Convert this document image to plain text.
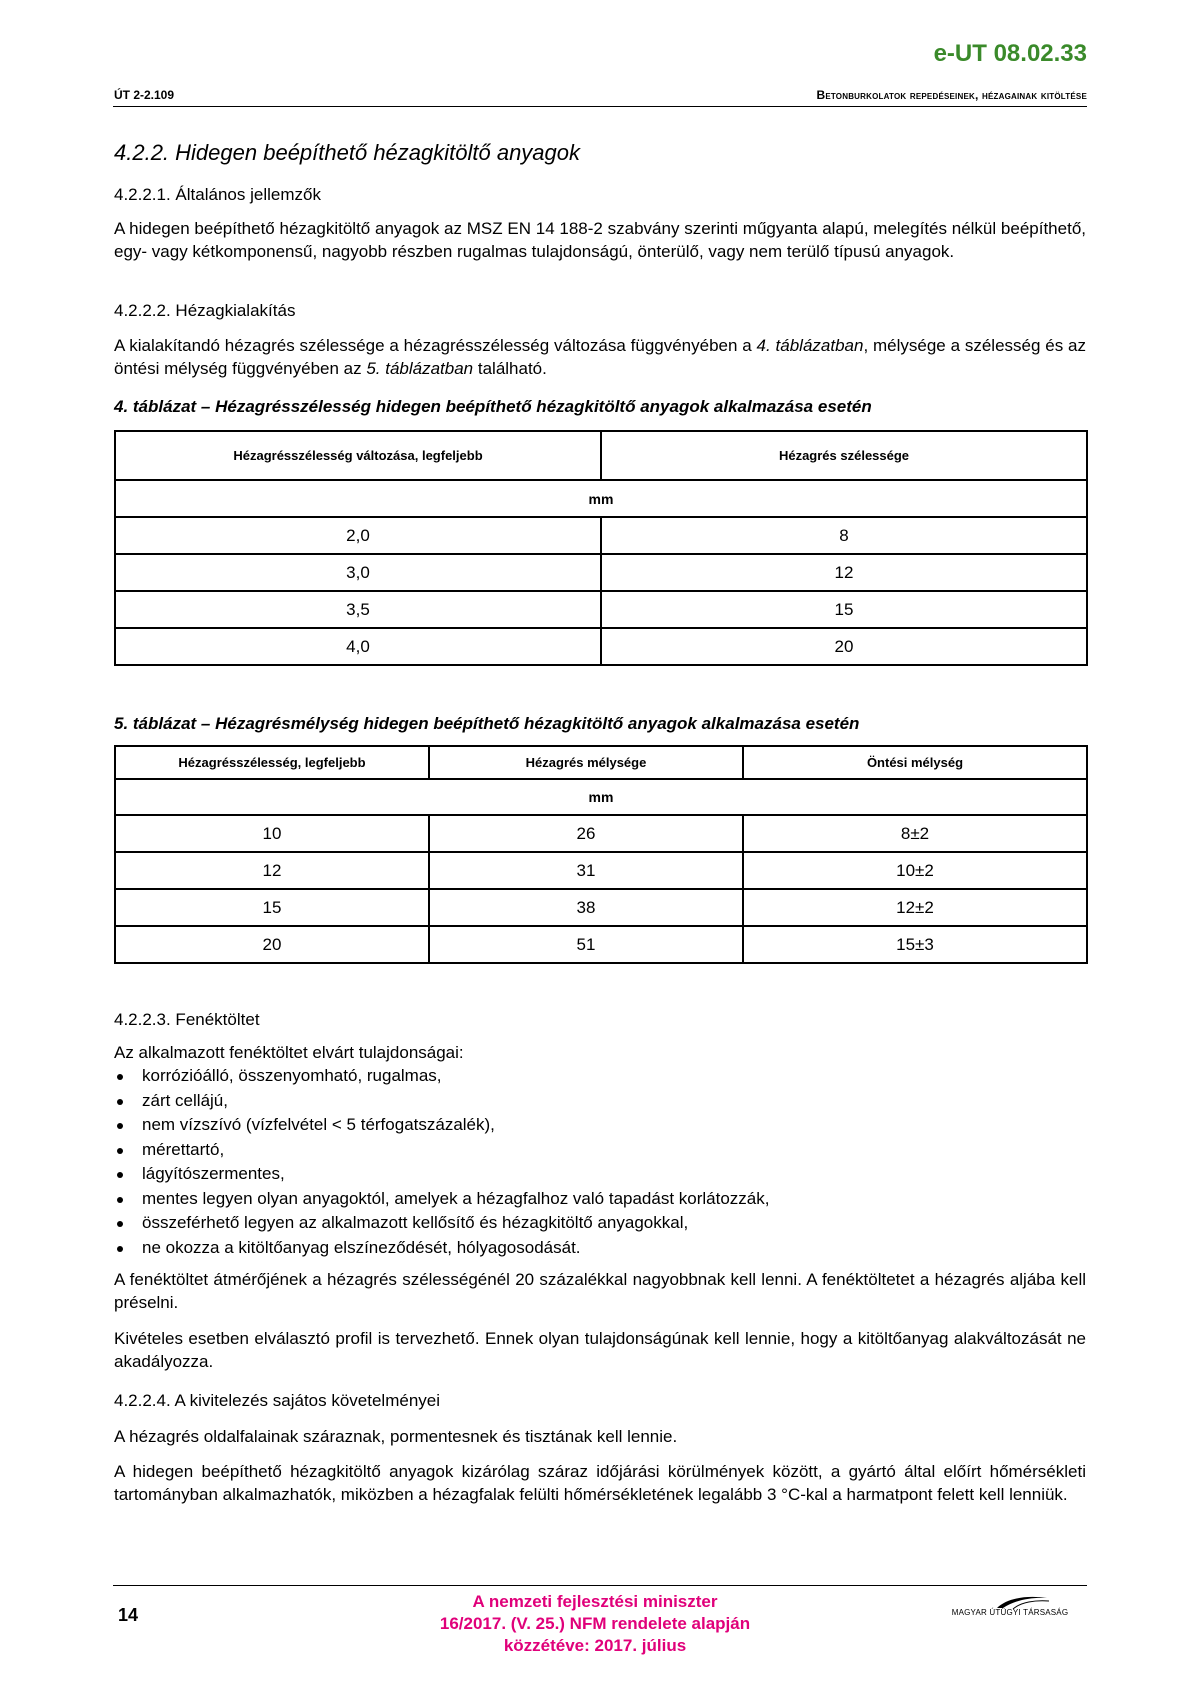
e-UT 08.02.33
ÚT 2-2.109	Betonburkolatok repedéseinek, hézagainak kitöltése
4.2.2. Hidegen beépíthető hézagkitöltő anyagok
4.2.2.1. Általános jellemzők
A hidegen beépíthető hézagkitöltő anyagok az MSZ EN 14 188-2 szabvány szerinti műgyanta alapú, melegítés nélkül beépíthető, egy- vagy kétkomponensű, nagyobb részben rugalmas tulajdonságú, önterülő, vagy nem terülő típusú anyagok.
4.2.2.2. Hézagkialakítás
A kialakítandó hézagrés szélessége a hézagrésszélesség változása függvényében a 4. táblázatban, mélysége a szélesség és az öntési mélység függvényében az 5. táblázatban található.
4. táblázat – Hézagrésszélesség hidegen beépíthető hézagkitöltő anyagok alkalmazása esetén
Hézagrésszélesség változása, legfeljebb	Hézagrés szélessége
mm	
2,0	8
3,0	12
3,5	15
4,0	20
5. táblázat – Hézagrésmélység hidegen beépíthető hézagkitöltő anyagok alkalmazása esetén
Hézagrésszélesség, legfeljebb	Hézagrés mélysége	Öntési mélység
mm		
10	26	8±2
12	31	10±2
15	38	12±2
20	51	15±3
4.2.2.3. Fenéktöltet
Az alkalmazott fenéktöltet elvárt tulajdonságai:
korrózióálló, összenyomható, rugalmas,
zárt cellájú,
nem vízszívó (vízfelvétel < 5 térfogatszázalék),
mérettartó,
lágyítószermentes,
mentes legyen olyan anyagoktól, amelyek a hézagfalhoz való tapadást korlátozzák,
összeférhető legyen az alkalmazott kellősítő és hézagkitöltő anyagokkal,
ne okozza a kitöltőanyag elszíneződését, hólyagosodását.
A fenéktöltet átmérőjének a hézagrés szélességénél 20 százalékkal nagyobbnak kell lenni. A fenéktöltetet a hézagrés aljába kell préselni.
Kivételes esetben elválasztó profil is tervezhető. Ennek olyan tulajdonságúnak kell lennie, hogy a kitöltőanyag alakváltozását ne akadályozza.
4.2.2.4. A kivitelezés sajátos követelményei
A hézagrés oldalfalainak száraznak, pormentesnek és tisztának kell lennie.
A hidegen beépíthető hézagkitöltő anyagok kizárólag száraz időjárási körülmények között, a gyártó által előírt hőmérsékleti tartományban alkalmazhatók, miközben a hézagfalak felülti hőmérsékletének legalább 3 °C-kal a harmatpont felett kell lenniük.
14
A nemzeti fejlesztési miniszter
16/2017. (V. 25.) NFM rendelete alapján
közzétéve: 2017. július
MAGYAR ÚTÜGYI TÁRSASÁG
